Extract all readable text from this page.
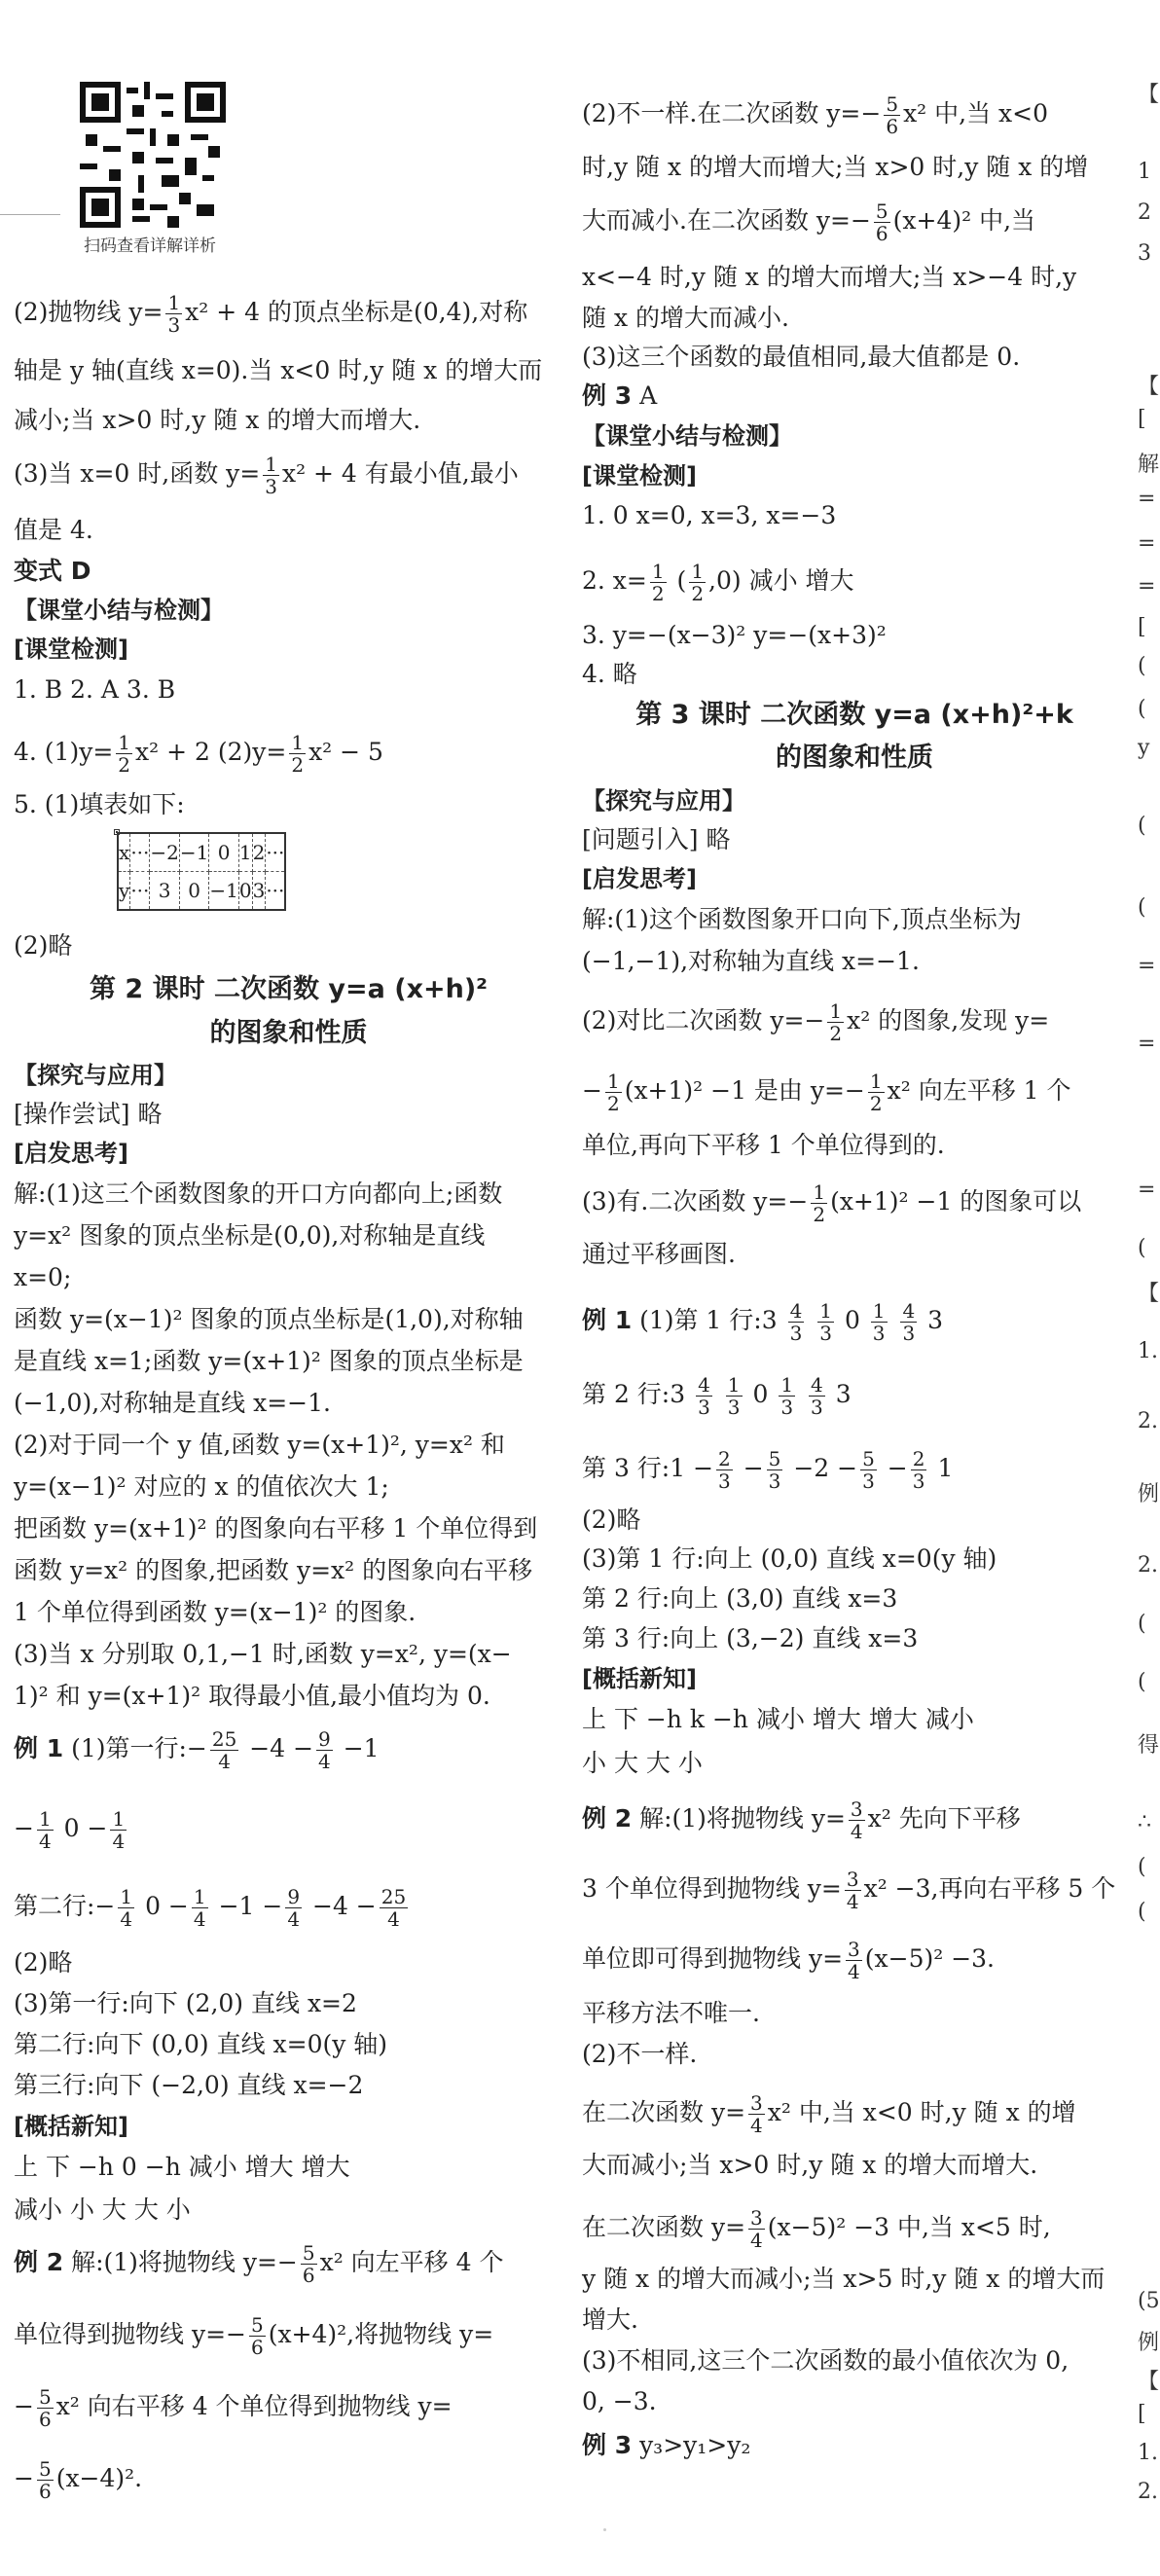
扫码查看详解详析
(2)抛物线 $y= \frac{1}{3} x^2 + 4$ 的顶点坐标是(0,4),对称
轴是 y 轴(直线 x=0).当 x<0 时,y 随 x 的增大而
减小;当 x>0 时,y 随 x 的增大而增大.
(3)当 x=0 时,函数 $y= \frac{1}{3} x^2 + 4$ 有最小值,最小
值是 4.
变式 D
【课堂小结与检测】
[课堂检测]
1. B 2. A 3. B
4. $(1)y= \frac{1}{2} x^2 + 2$ $(2)y= \frac{1}{2} x^2 - 5$
5. (1)填表如下:
(2)略
第 2 课时 二次函数 y=a (x+h)²
的图象和性质
【探究与应用】
[操作尝试] 略
[启发思考]
解:(1)这三个函数图象的开口方向都向上;函数
y=x² 图象的顶点坐标是(0,0),对称轴是直线
x=0;
函数 y=(x−1)² 图象的顶点坐标是(1,0),对称轴
是直线 x=1;函数 y=(x+1)² 图象的顶点坐标是
(−1,0),对称轴是直线 x=−1.
(2)对于同一个 y 值,函数 y=(x+1)², y=x² 和
y=(x−1)² 对应的 x 的值依次大 1;
把函数 y=(x+1)² 的图象向右平移 1 个单位得到
函数 y=x² 的图象,把函数 y=x² 的图象向右平移
1 个单位得到函数 y=(x−1)² 的图象.
(3)当 x 分别取 0,1,−1 时,函数 y=x², y=(x−
1)² 和 y=(x+1)² 取得最小值,最小值均为 0.
例 1 (1)第一行:− $\frac{25}{4} -4 - \frac{9}{4} -1$
− $\frac{1}{4} 0 - \frac{1}{4}$
第二行:− $\frac{1}{4} 0 - \frac{1}{4} -1 - \frac{9}{4} -4 - \frac{25}{4}$
(2)略
(3)第一行:向下 (2,0) 直线 x=2
第二行:向下 (0,0) 直线 x=0(y 轴)
第三行:向下 (−2,0) 直线 x=−2
[概括新知]
上 下 −h 0 −h 减小 增大 增大
减小 小 大 大 小
例 2 解:(1)将抛物线 $y=- \frac{5}{6} x^2$ 向左平移 4 个
单位得到抛物线 $y=- \frac{5}{6} (x+4)^2$,将抛物线 y=
− $\frac{5}{6} x^2$ 向右平移 4 个单位得到抛物线 y=
− $\frac{5}{6} (x-4)^2$.
x	···	−2	−1	0	1	2	···
y	···	3	0	−1	0	3	···
(2)不一样.在二次函数 $y=- \frac{5}{6} x^2$ 中,当 x<0
时,y 随 x 的增大而增大;当 x>0 时,y 随 x 的增
大而减小.在二次函数 $y=- \frac{5}{6} (x+4)^2$ 中,当
x<−4 时,y 随 x 的增大而增大;当 x>−4 时,y
随 x 的增大而减小.
(3)这三个函数的最值相同,最大值都是 0.
例 3 A
【课堂小结与检测】
[课堂检测]
1. 0 x=0, x=3, x=−3
2. $x= \frac{1}{2}$ ( $\frac{1}{2} ,0$) 减小 增大
3. y=−(x−3)² y=−(x+3)²
4. 略
第 3 课时 二次函数 y=a (x+h)²+k
的图象和性质
【探究与应用】
[问题引入] 略
[启发思考]
解:(1)这个函数图象开口向下,顶点坐标为
(−1,−1),对称轴为直线 x=−1.
(2)对比二次函数 $y=- \frac{1}{2} x^2$ 的图象,发现 y=
− $\frac{1}{2} (x+1)^2 -1$ 是由 $y=- \frac{1}{2} x^2$ 向左平移 1 个
单位,再向下平移 1 个单位得到的.
(3)有.二次函数 $y=- \frac{1}{2} (x+1)^2 -1$ 的图象可以
通过平移画图.
例 1 (1)第 1 行:3 $\frac{4}{3}$
$\frac{1}{3} 0 \frac{1}{3}$
$\frac{4}{3} 3$
第 2 行:3 $\frac{4}{3}$
$\frac{1}{3} 0 \frac{1}{3}$
$\frac{4}{3} 3$
第 3 行:1 − $\frac{2}{3} - \frac{5}{3} -2 - \frac{5}{3} - \frac{2}{3} 1$
(2)略
(3)第 1 行:向上 (0,0) 直线 x=0(y 轴)
第 2 行:向上 (3,0) 直线 x=3
第 3 行:向上 (3,−2) 直线 x=3
[概括新知]
上 下 −h k −h 减小 增大 增大 减小
小 大 大 小
例 2 解:(1)将抛物线 $y= \frac{3}{4} x^2$ 先向下平移
3 个单位得到抛物线 $y= \frac{3}{4} x^2 -3$,再向右平移 5 个
单位即可得到抛物线 $y= \frac{3}{4} (x-5)^2 -3$.
平移方法不唯一.
(2)不一样.
在二次函数 $y= \frac{3}{4} x^2$ 中,当 x<0 时,y 随 x 的增
大而减小;当 x>0 时,y 随 x 的增大而增大.
在二次函数 $y= \frac{3}{4} (x-5)^2 -3$ 中,当 x<5 时,
y 随 x 的增大而减小;当 x>5 时,y 随 x 的增大而
增大.
(3)不相同,这三个二次函数的最小值依次为 0,
0, −3.
例 3 y₃>y₁>y₂
【
1
2
3
【
[
解
=
=
=
[
(
(
y
(
(
=
=
=
(
【
1.
2.
例
2.
(
(
得
∴
(
(
(5
例
【
[
1.
2.
